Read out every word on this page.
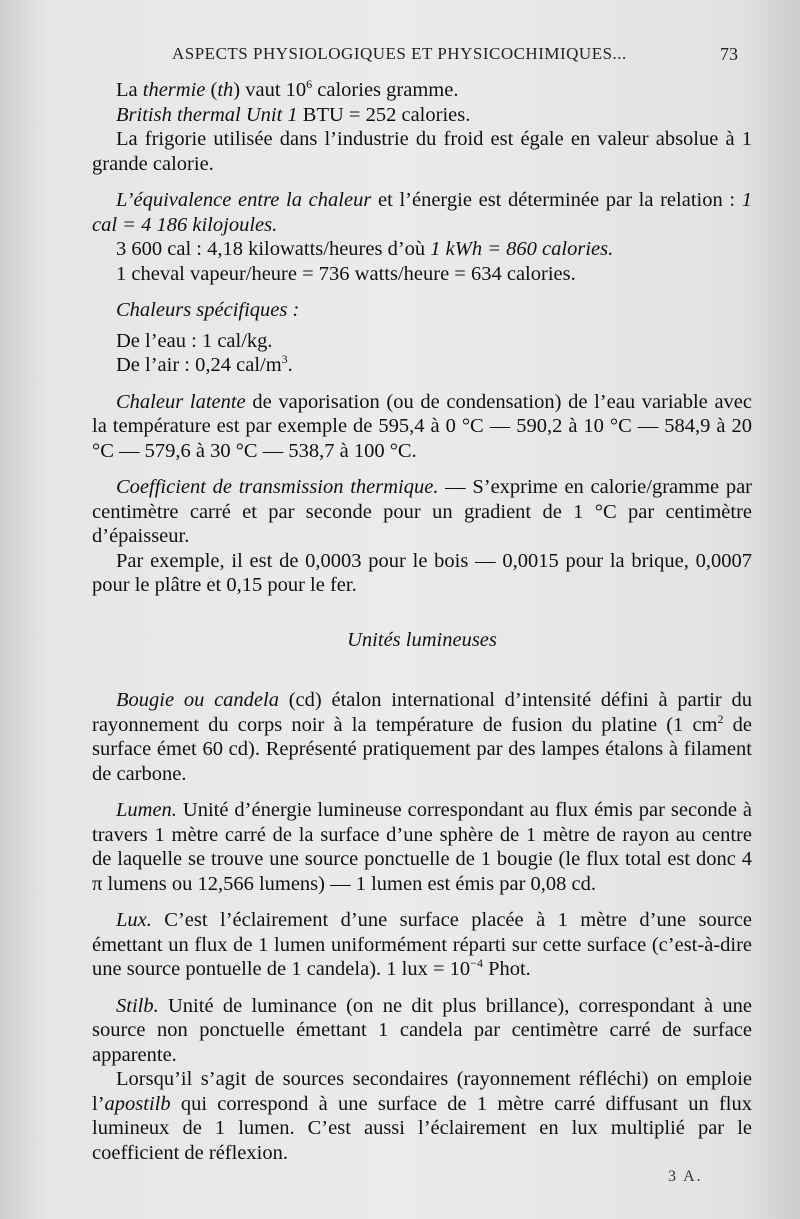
ASPECTS PHYSIOLOGIQUES ET PHYSICOCHIMIQUES...	73

La thermie (th) vaut $10^6$ calories gramme.

British thermal Unit 1 BTU = 252 calories.

La frigorie utilisée dans l’industrie du froid est égale en valeur absolue à 1 grande calorie.

L’équivalence entre la chaleur et l’énergie est déterminée par la relation : 1 cal = 4 186 kilojoules.

3 600 cal : 4,18 kilowatts/heures d’où 1 kWh = 860 calories.

1 cheval vapeur/heure = 736 watts/heure = 634 calories.

Chaleurs spécifiques :

De l’eau : 1 cal/kg.

De l’air : 0,24 cal/$m^3$.

Chaleur latente de vaporisation (ou de condensation) de l’eau variable avec la température est par exemple de 595,4 à 0 °C — 590,2 à 10 °C — 584,9 à 20 °C — 579,6 à 30 °C — 538,7 à 100 °C.

Coefficient de transmission thermique. — S’exprime en calorie/gramme par centimètre carré et par seconde pour un gradient de 1 °C par centimètre d’épaisseur.

Par exemple, il est de 0,0003 pour le bois — 0,0015 pour la brique, 0,0007 pour le plâtre et 0,15 pour le fer.

Unités lumineuses

Bougie ou candela (cd) étalon international d’intensité défini à partir du rayonnement du corps noir à la température de fusion du platine (1 $cm^2$ de surface émet 60 cd). Représenté pratiquement par des lampes étalons à filament de carbone.

Lumen. Unité d’énergie lumineuse correspondant au flux émis par seconde à travers 1 mètre carré de la surface d’une sphère de 1 mètre de rayon au centre de laquelle se trouve une source ponctuelle de 1 bougie (le flux total est donc 4 π lumens ou 12,566 lumens) — 1 lumen est émis par 0,08 cd.

Lux. C’est l’éclairement d’une surface placée à 1 mètre d’une source émettant un flux de 1 lumen uniformément réparti sur cette surface (c’est-à-dire une source pontuelle de 1 candela). 1 lux = $10^{-4}$ Phot.

Stilb. Unité de luminance (on ne dit plus brillance), correspondant à une source non ponctuelle émettant 1 candela par centimètre carré de surface apparente.

Lorsqu’il s’agit de sources secondaires (rayonnement réfléchi) on emploie l’apostilb qui correspond à une surface de 1 mètre carré diffusant un flux lumineux de 1 lumen. C’est aussi l’éclairement en lux multiplié par le coefficient de réflexion.

3 A.
